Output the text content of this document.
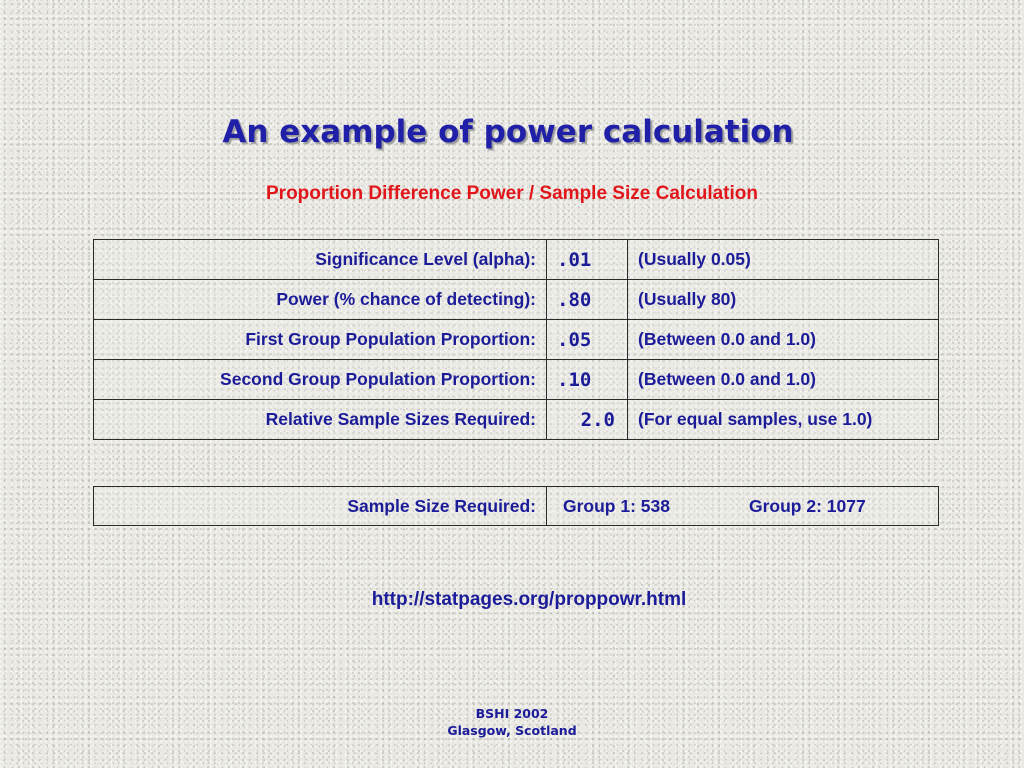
An example of power calculation
Proportion Difference Power / Sample Size Calculation
Significance Level (alpha):	.01	(Usually 0.05)
Power (% chance of detecting):	.80	(Usually 80)
First Group Population Proportion:	.05	(Between 0.0 and 1.0)
Second Group Population Proportion:	.10	(Between 0.0 and 1.0)
Relative Sample Sizes Required:	2.0	(For equal samples, use 1.0)
Sample Size Required:	Group 1: 538	Group 2: 1077
http://statpages.org/proppowr.html
BSHI 2002
Glasgow, Scotland
